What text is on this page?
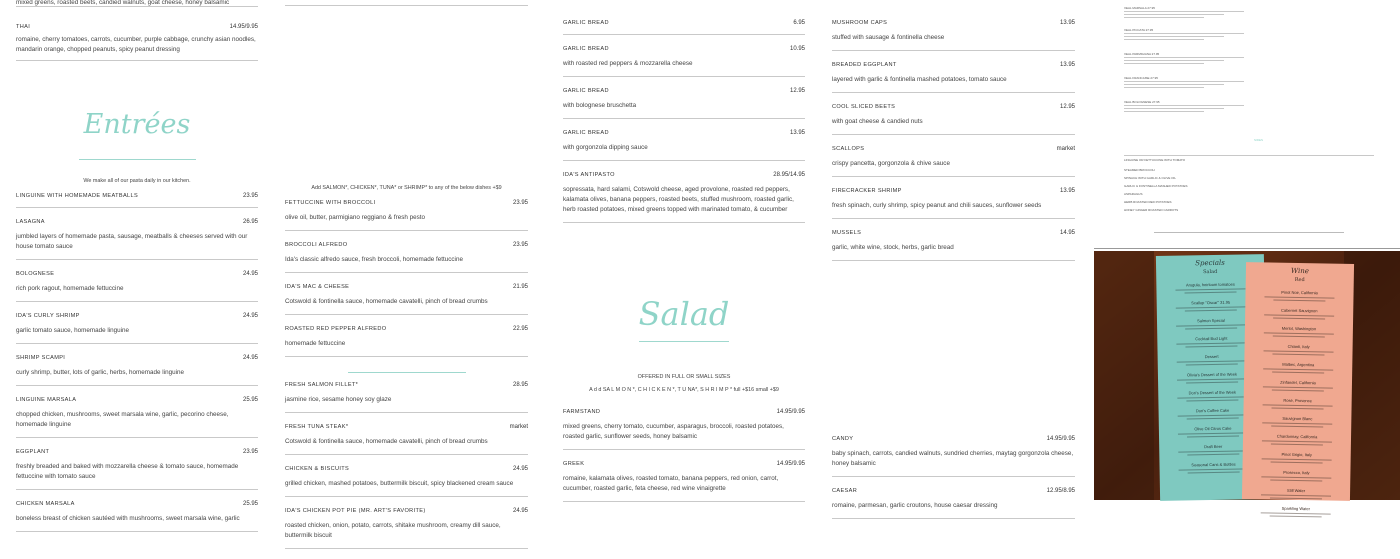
mixed greens, roasted beets, candied walnuts, goat cheese, honey balsamic
THAI	14.95/9.95
romaine, cherry tomatoes, carrots, cucumber, purple cabbage, crunchy asian noodles, mandarin orange, chopped peanuts, spicy peanut dressing
Entrées
We make all of our pasta daily in our kitchen.
23.95
LINGUINE WITH HOMEMADE MEATBALLS
26.95
LASAGNA
jumbled layers of homemade pasta, sausage, meatballs & cheeses served with our house tomato sauce
24.95
BOLOGNESE
rich pork ragout, homemade fettuccine
24.95
IDA'S CURLY SHRIMP
garlic tomato sauce, homemade linguine
24.95
SHRIMP SCAMPI
curly shrimp, butter, lots of garlic, herbs, homemade linguine
25.95
LINGUINE MARSALA
chopped chicken, mushrooms, sweet marsala wine, garlic, pecorino cheese, homemade linguine
23.95
EGGPLANT
freshly breaded and baked with mozzarella cheese & tomato sauce, homemade fettuccine with tomato sauce
25.95
CHICKEN MARSALA
boneless breast of chicken sautéed with mushrooms, sweet marsala wine, garlic
Add SALMON*, CHICKEN*, TUNA* or SHRIMP* to any of the below dishes +$9
23.95
FETTUCCINE WITH BROCCOLI
olive oil, butter, parmigiano reggiano & fresh pesto
23.95
BROCCOLI ALFREDO
Ida's classic alfredo sauce, fresh broccoli, homemade fettuccine
21.95
IDA'S MAC & CHEESE
Cotswold & fontinella sauce, homemade cavatelli, pinch of bread crumbs
22.95
ROASTED RED PEPPER ALFREDO
homemade fettuccine
28.95
FRESH SALMON FILLET*
jasmine rice, sesame honey soy glaze
market
FRESH TUNA STEAK*
Cotswold & fontinella sauce, homemade cavatelli, pinch of bread crumbs
24.95
CHICKEN & BISCUITS
grilled chicken, mashed potatoes, buttermilk biscuit, spicy blackened cream sauce
24.95
IDA'S CHICKEN POT PIE (MR. ART'S FAVORITE)
roasted chicken, onion, potato, carrots, shitake mushroom, creamy dill sauce, buttermilk biscuit
6.95
GARLIC BREAD
10.95
GARLIC BREAD
with roasted red peppers & mozzarella cheese
12.95
GARLIC BREAD
with bolognese bruschetta
13.95
GARLIC BREAD
with gorgonzola dipping sauce
28.95/14.95
IDA'S ANTIPASTO
sopressata, hard salami, Cotswold cheese, aged provolone, roasted red peppers, kalamata olives, banana peppers, roasted beets, stuffed mushroom, roasted garlic, herb roasted potatoes, mixed greens topped with marinated tomato, & cucumber
Salad
OFFERED IN FULL OR SMALL SIZES
A d d SA L M O N *, C H I C K E N *, T U NA*, S H R I M P * full +$16 small +$9
14.95/9.95
FARMSTAND
mixed greens, cherry tomato, cucumber, asparagus, broccoli, roasted potatoes, roasted garlic, sunflower seeds, honey balsamic
14.95/9.95
GREEK
romaine, kalamata olives, roasted tomato, banana peppers, red onion, carrot, cucumber, roasted garlic, feta cheese, red wine vinaigrette
13.95
MUSHROOM CAPS
stuffed with sausage & fontinella cheese
13.95
BREADED EGGPLANT
layered with garlic & fontinella mashed potatoes, tomato sauce
12.95
COOL SLICED BEETS
with goat cheese & candied nuts
market
SCALLOPS
crispy pancetta, gorgonzola & chive sauce
13.95
FIRECRACKER SHRIMP
fresh spinach, curly shrimp, spicy peanut and chili sauces, sunflower seeds
14.95
MUSSELS
garlic, white wine, stock, herbs, garlic bread
14.95/9.95
CANDY
baby spinach, carrots, candied walnuts, sundried cherries, maytag gorgonzola cheese, honey balsamic
12.95/8.95
CAESAR
romaine, parmesan, garlic croutons, house caesar dressing
VEAL MARSALA 27.95
VEAL PICCATA 27.95
VEAL PARMIGIANA 27.95
VEAL FRANCAISE 27.95
VEAL BOLOGNESE 27.95
SIDES
LINGUINE OR FETTUCCINE WITH TOMATO
STEAMED BROCCOLI
SPINACH WITH GARLIC & OLIVE OIL
GARLIC & FONTINELLA MASHED POTATOES
ASPARAGUS
HERB ROASTED RED POTATOES
HONEY GINGER ROASTED CARROTS
Specials
Salad
Arugula, heirloom tomatoes
Scallop "Oscar" 31.95
Salmon Special
Cocktail Bud Light
Dessert
Olivia's Dessert of the Week
Dori's Dessert of the Week
Dori's Coffee Cake
Olive Oil Citrus Cake
Draft Beer
Seasonal Cans & Bottles
Wine
Red
Pinot Noir, California
Cabernet Sauvignon
Merlot, Washington
Chianti, Italy
Malbec, Argentina
Zinfandel, California
Rosé, Provence
Sauvignon Blanc
Chardonnay, California
Pinot Grigio, Italy
Prosecco, Italy
Still Water
Sparkling Water
